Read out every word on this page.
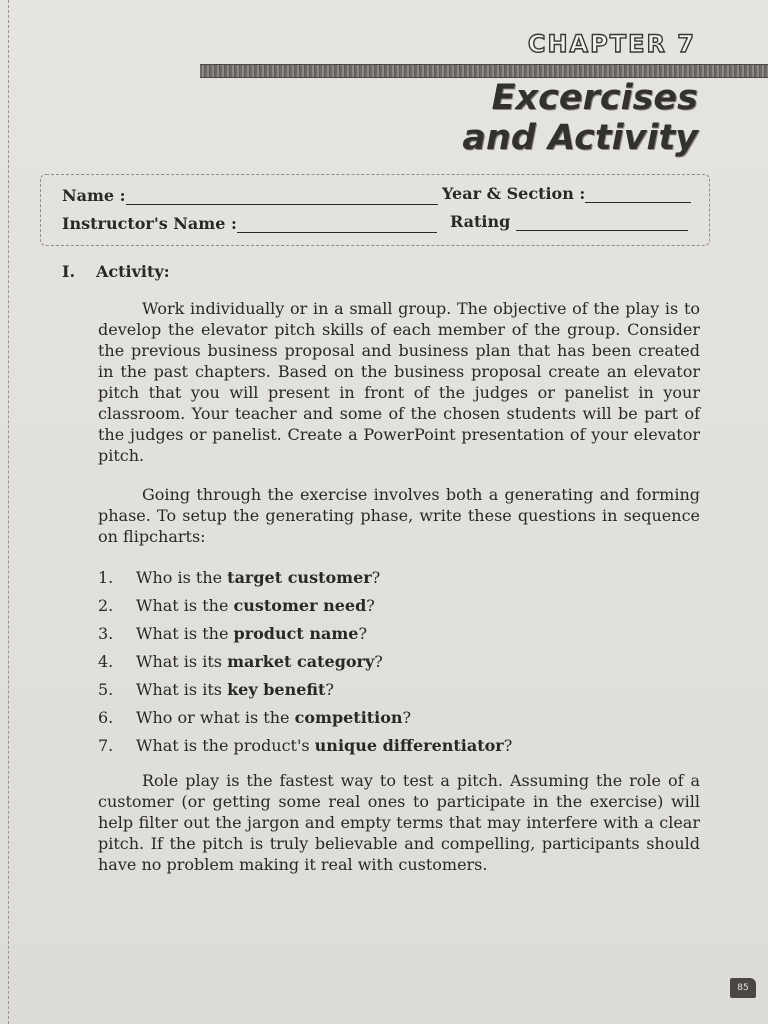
CHAPTER 7
Excercises
and Activity
Name :	Year & Section :
Instructor's Name :	Rating
I. Activity:

Work individually or in a small group. The objective of the play is to develop the elevator pitch skills of each member of the group. Consider the previous business proposal and business plan that has been created in the past chapters. Based on the business proposal create an elevator pitch that you will present in front of the judges or panelist in your classroom. Your teacher and some of the chosen students will be part of the judges or panelist. Create a PowerPoint presentation of your elevator pitch.

Going through the exercise involves both a generating and forming phase. To setup the generating phase, write these questions in sequence on flipcharts:

1. Who is the target customer?
2. What is the customer need?
3. What is the product name?
4. What is its market category?
5. What is its key benefit?
6. Who or what is the competition?
7. What is the product's unique differentiator?

Role play is the fastest way to test a pitch. Assuming the role of a customer (or getting some real ones to participate in the exercise) will help filter out the jargon and empty terms that may interfere with a clear pitch. If the pitch is truly believable and compelling, participants should have no problem making it real with customers.

85
